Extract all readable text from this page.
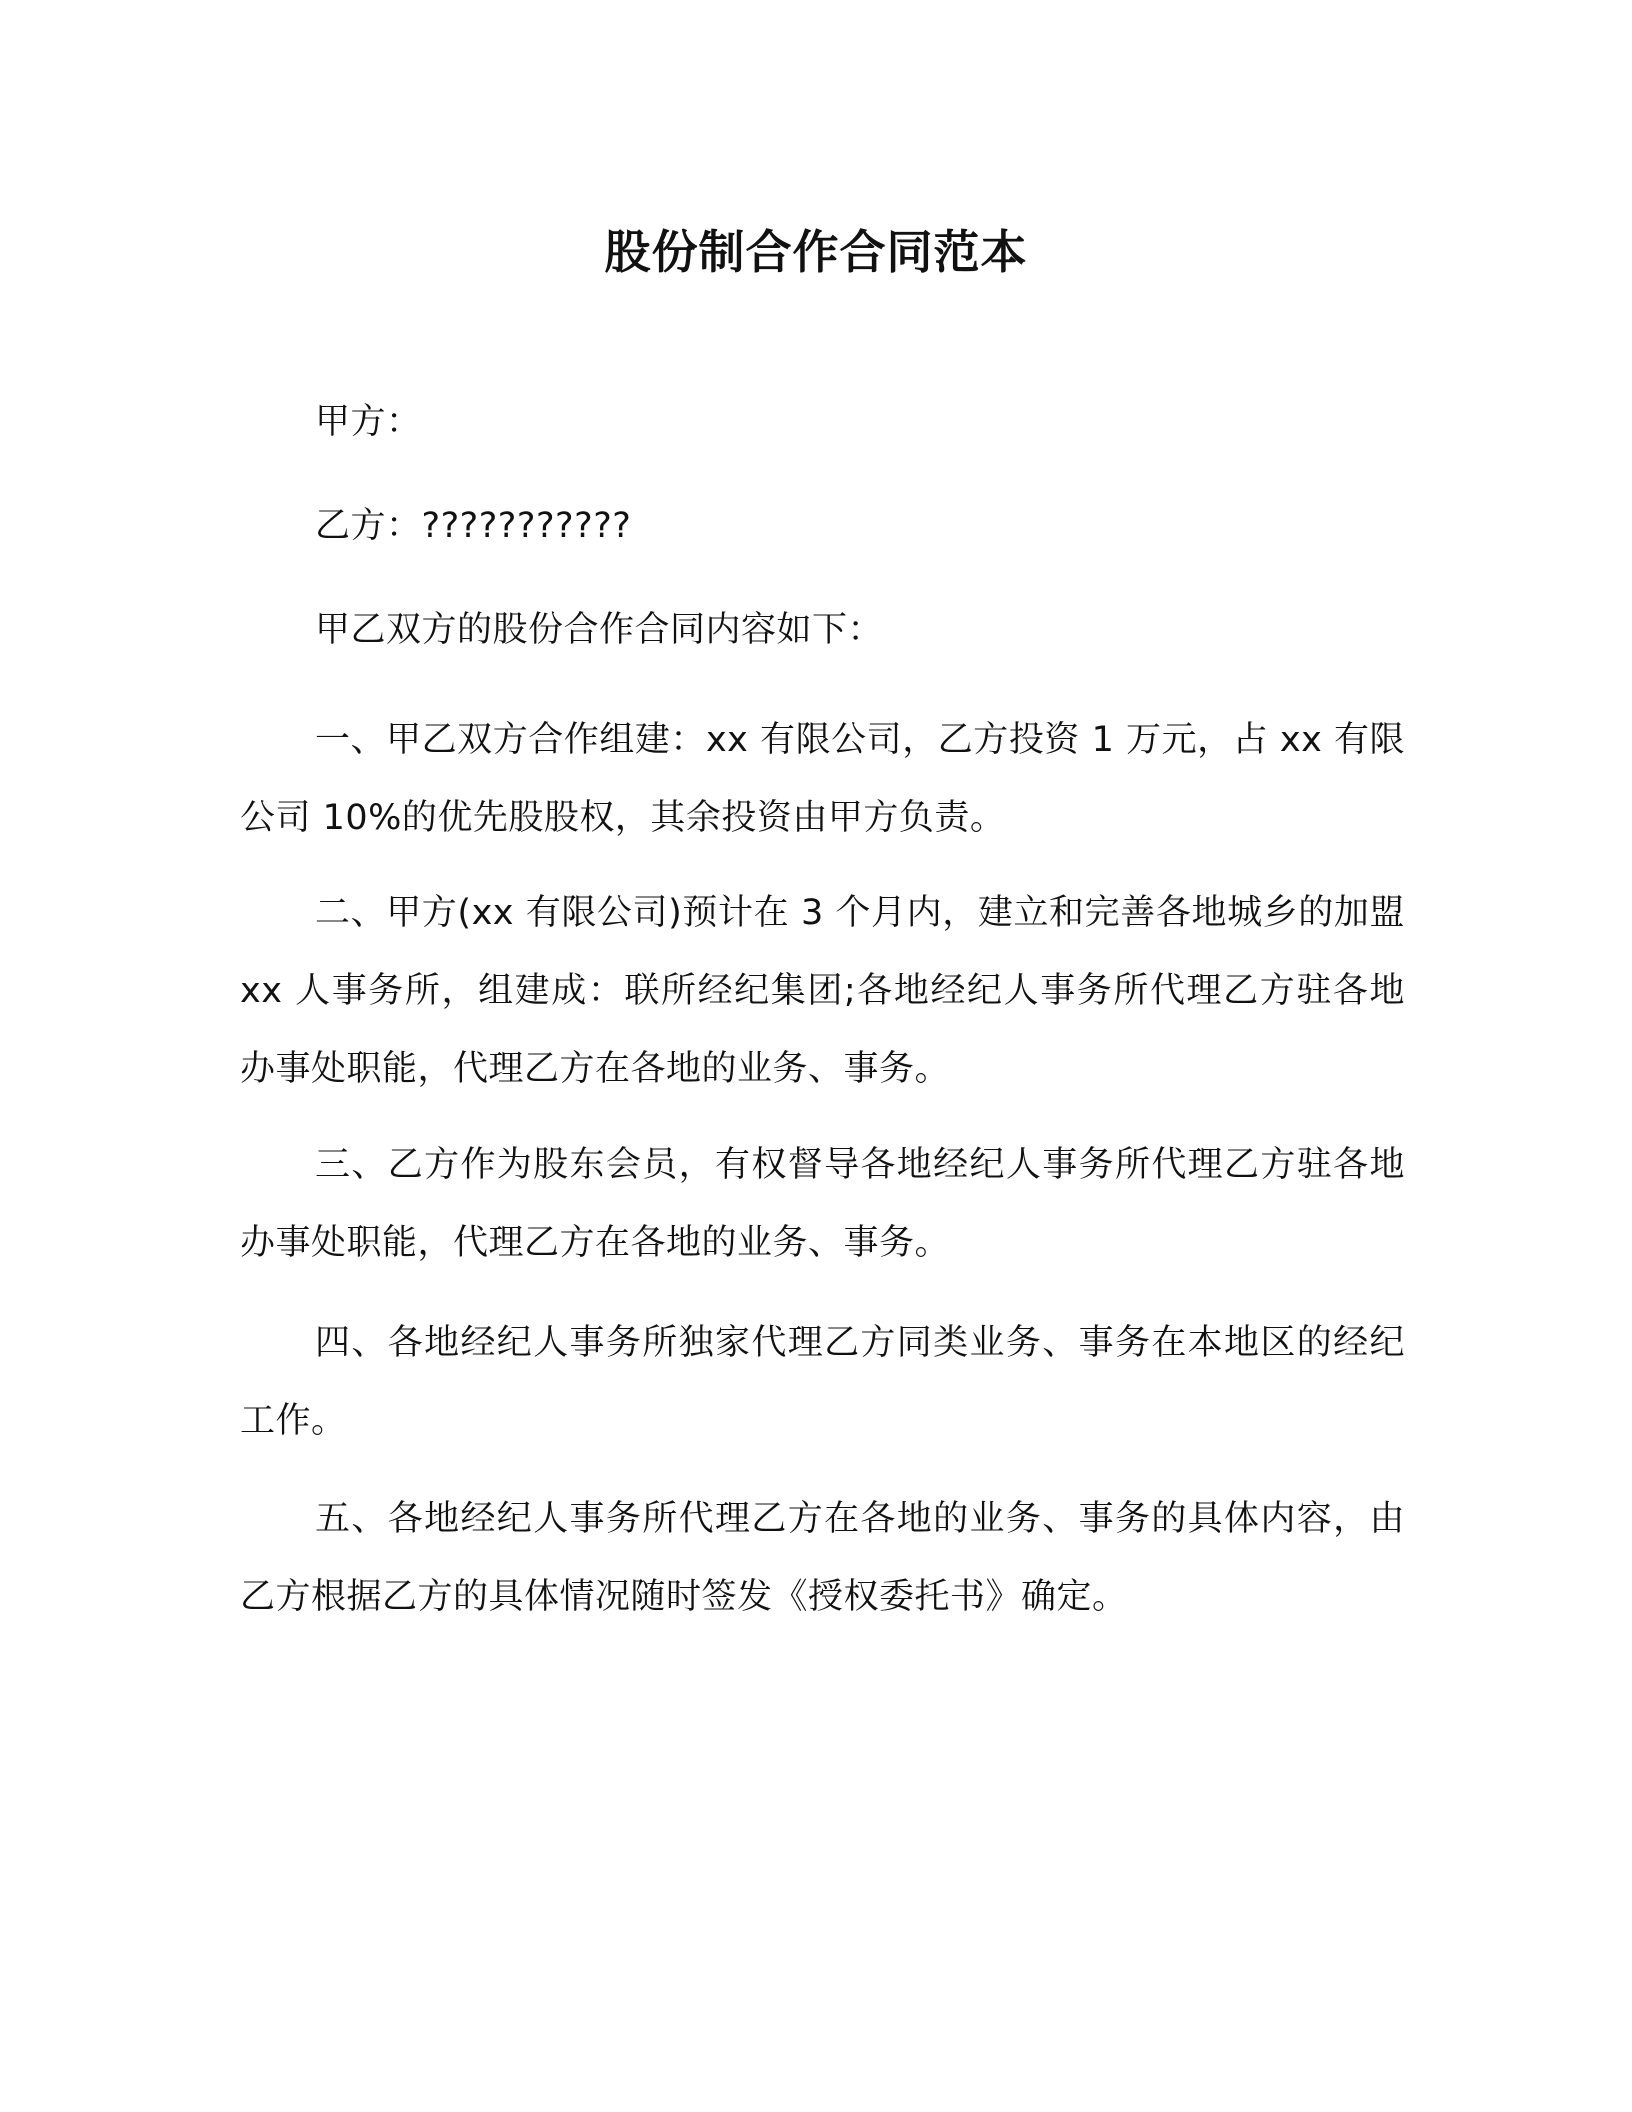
股份制合作合同范本
甲方：
乙方：???????????
甲乙双方的股份合作合同内容如下：
一、甲乙双方合作组建：xx 有限公司，乙方投资 1 万元，占 xx 有限公司 10%的优先股股权，其余投资由甲方负责。
二、甲方(xx 有限公司)预计在 3 个月内，建立和完善各地城乡的加盟 xx 人事务所，组建成：联所经纪集团;各地经纪人事务所代理乙方驻各地办事处职能，代理乙方在各地的业务、事务。
三、乙方作为股东会员，有权督导各地经纪人事务所代理乙方驻各地办事处职能，代理乙方在各地的业务、事务。
四、各地经纪人事务所独家代理乙方同类业务、事务在本地区的经纪工作。
五、各地经纪人事务所代理乙方在各地的业务、事务的具体内容，由乙方根据乙方的具体情况随时签发《授权委托书》确定。
